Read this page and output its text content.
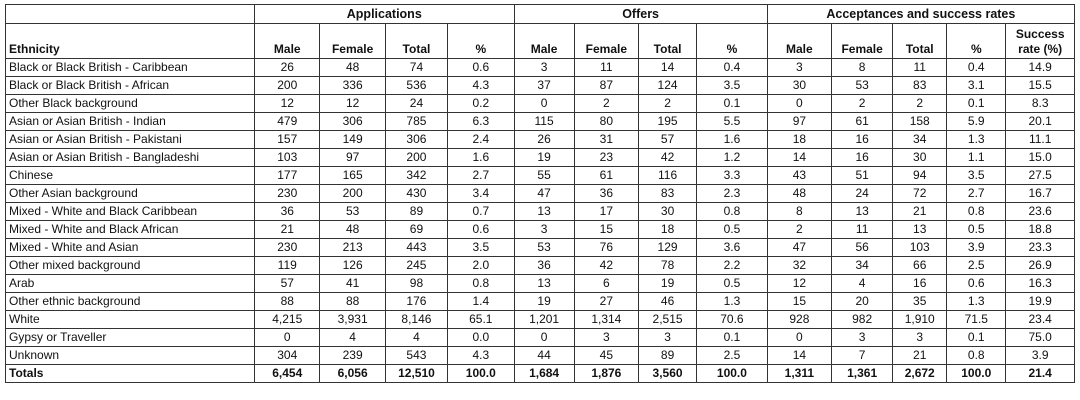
	Applications				Offers				Acceptances and success rates				
Ethnicity	Male	Female	Total	%	Male	Female	Total	%	Male	Female	Total	%	Success
rate (%)
Black or Black British - Caribbean	26	48	74	0.6	3	11	14	0.4	3	8	11	0.4	14.9
Black or Black British - African	200	336	536	4.3	37	87	124	3.5	30	53	83	3.1	15.5
Other Black background	12	12	24	0.2	0	2	2	0.1	0	2	2	0.1	8.3
Asian or Asian British - Indian	479	306	785	6.3	115	80	195	5.5	97	61	158	5.9	20.1
Asian or Asian British - Pakistani	157	149	306	2.4	26	31	57	1.6	18	16	34	1.3	11.1
Asian or Asian British - Bangladeshi	103	97	200	1.6	19	23	42	1.2	14	16	30	1.1	15.0
Chinese	177	165	342	2.7	55	61	116	3.3	43	51	94	3.5	27.5
Other Asian background	230	200	430	3.4	47	36	83	2.3	48	24	72	2.7	16.7
Mixed - White and Black Caribbean	36	53	89	0.7	13	17	30	0.8	8	13	21	0.8	23.6
Mixed - White and Black African	21	48	69	0.6	3	15	18	0.5	2	11	13	0.5	18.8
Mixed - White and Asian	230	213	443	3.5	53	76	129	3.6	47	56	103	3.9	23.3
Other mixed background	119	126	245	2.0	36	42	78	2.2	32	34	66	2.5	26.9
Arab	57	41	98	0.8	13	6	19	0.5	12	4	16	0.6	16.3
Other ethnic background	88	88	176	1.4	19	27	46	1.3	15	20	35	1.3	19.9
White	4,215	3,931	8,146	65.1	1,201	1,314	2,515	70.6	928	982	1,910	71.5	23.4
Gypsy or Traveller	0	4	4	0.0	0	3	3	0.1	0	3	3	0.1	75.0
Unknown	304	239	543	4.3	44	45	89	2.5	14	7	21	0.8	3.9
Totals	6,454	6,056	12,510	100.0	1,684	1,876	3,560	100.0	1,311	1,361	2,672	100.0	21.4
